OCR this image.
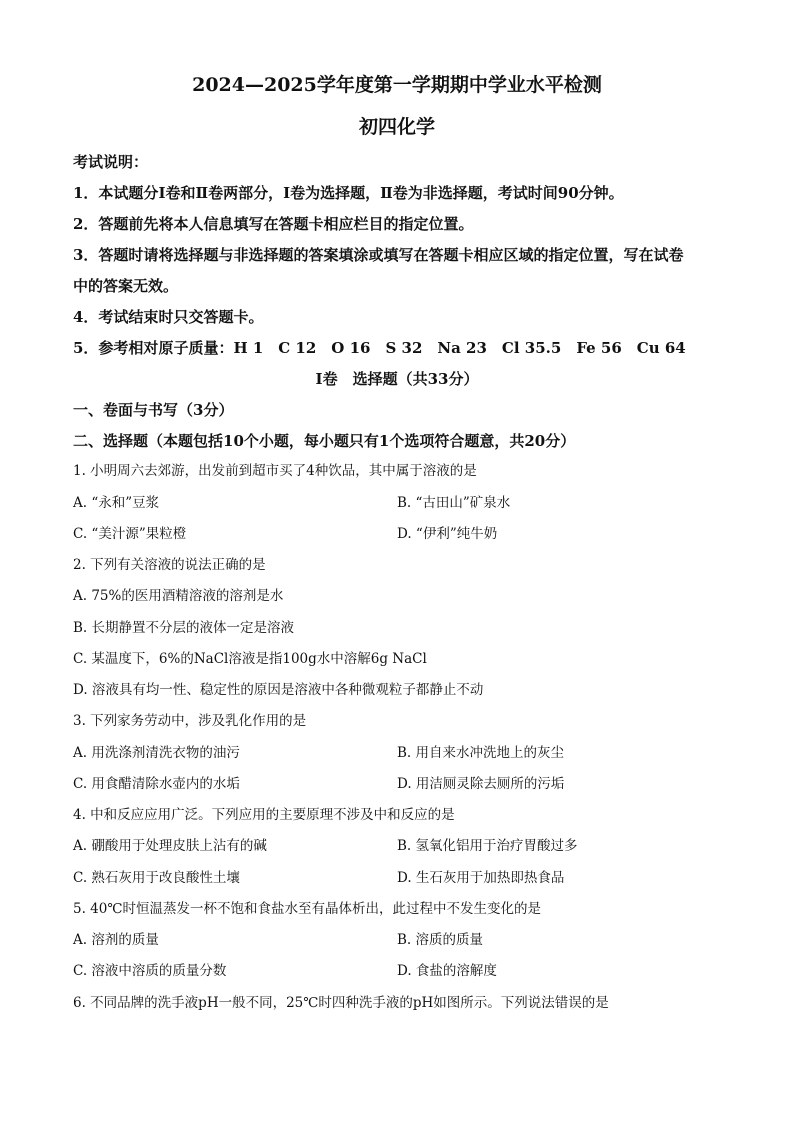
2024—2025学年度第一学期期中学业水平检测
初四化学
考试说明：
1．本试题分Ⅰ卷和Ⅱ卷两部分，Ⅰ卷为选择题，Ⅱ卷为非选择题，考试时间90分钟。
2．答题前先将本人信息填写在答题卡相应栏目的指定位置。
3．答题时请将选择题与非选择题的答案填涂或填写在答题卡相应区域的指定位置，写在试卷
中的答案无效。
4．考试结束时只交答题卡。
5．参考相对原子质量：H 1　C 12　O 16　S 32　Na 23　Cl 35.5　Fe 56　Cu 64
Ⅰ卷　选择题（共33分）
一、卷面与书写（3分）
二、选择题（本题包括10个小题，每小题只有1个选项符合题意，共20分）
1. 小明周六去郊游，出发前到超市买了4种饮品，其中属于溶液的是
A. “永和”豆浆	B. “古田山”矿泉水
C. “美汁源”果粒橙	D. “伊利”纯牛奶
2. 下列有关溶液的说法正确的是
A. 75%的医用酒精溶液的溶剂是水
B. 长期静置不分层的液体一定是溶液
C. 某温度下，6%的NaCl溶液是指100g水中溶解6g NaCl
D. 溶液具有均一性、稳定性的原因是溶液中各种微观粒子都静止不动
3. 下列家务劳动中，涉及乳化作用的是
A. 用洗涤剂清洗衣物的油污	B. 用自来水冲洗地上的灰尘
C. 用食醋清除水壶内的水垢	D. 用洁厕灵除去厕所的污垢
4. 中和反应应用广泛。下列应用的主要原理不涉及中和反应的是
A. 硼酸用于处理皮肤上沾有的碱	B. 氢氧化铝用于治疗胃酸过多
C. 熟石灰用于改良酸性土壤	D. 生石灰用于加热即热食品
5. 40℃时恒温蒸发一杯不饱和食盐水至有晶体析出，此过程中不发生变化的是
A. 溶剂的质量	B. 溶质的质量
C. 溶液中溶质的质量分数	D. 食盐的溶解度
6. 不同品牌的洗手液pH一般不同，25℃时四种洗手液的pH如图所示。下列说法错误的是
